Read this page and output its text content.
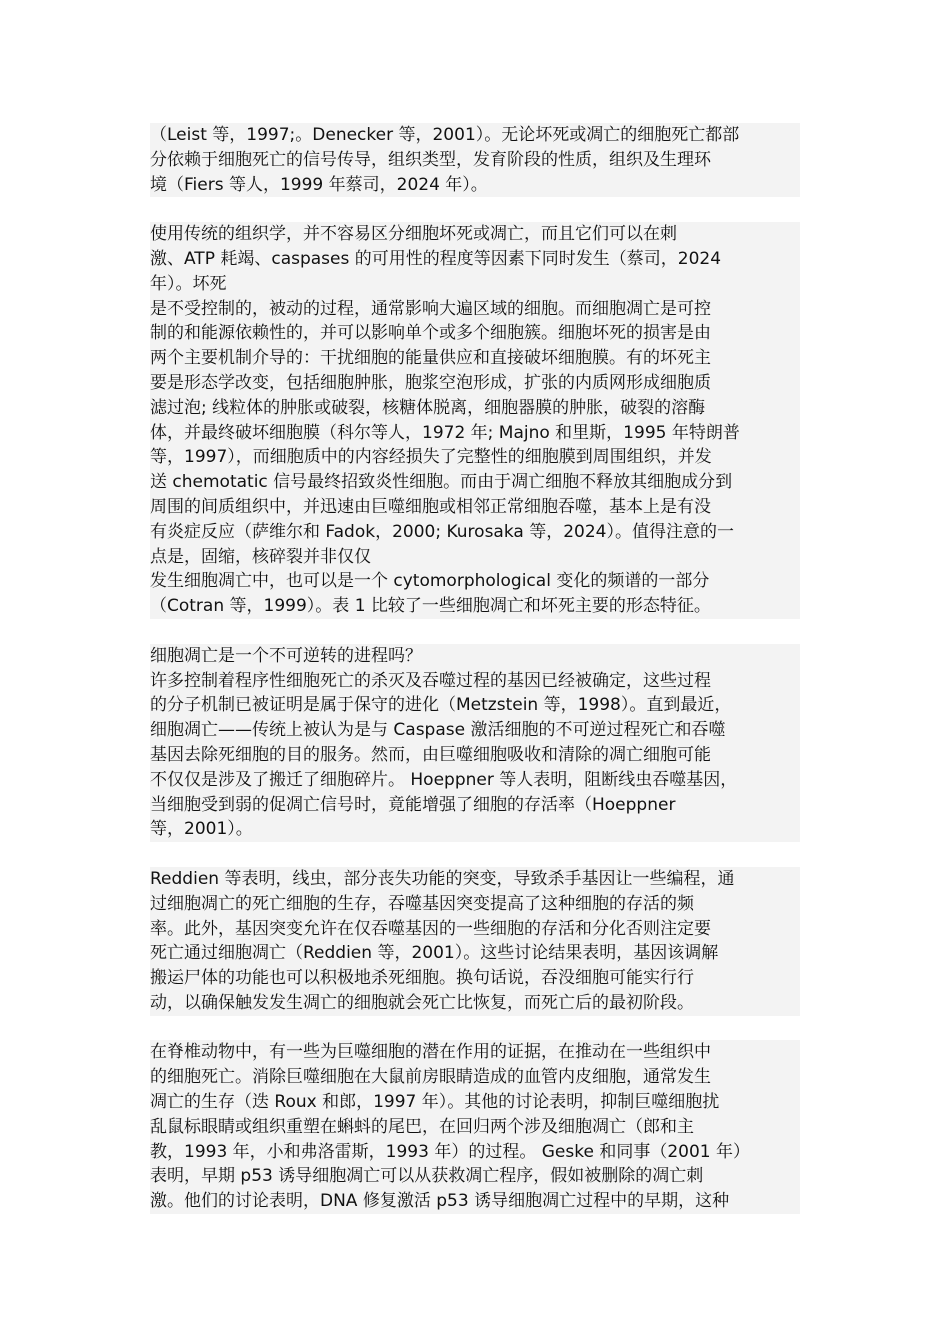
（Leist 等，1997;。Denecker 等，2001）。无论坏死或凋亡的细胞死亡都部
分依赖于细胞死亡的信号传导，组织类型，发育阶段的性质，组织及生理环
境（Fiers 等人，1999 年蔡司，2024 年）。
使用传统的组织学，并不容易区分细胞坏死或凋亡，而且它们可以在刺
激、ATP 耗竭、caspases 的可用性的程度等因素下同时发生（蔡司，2024
年）。坏死
是不受控制的，被动的过程，通常影响大遍区域的细胞。而细胞凋亡是可控
制的和能源依赖性的，并可以影响单个或多个细胞簇。细胞坏死的损害是由
两个主要机制介导的：干扰细胞的能量供应和直接破坏细胞膜。有的坏死主
要是形态学改变，包括细胞肿胀，胞浆空泡形成，扩张的内质网形成细胞质
滤过泡; 线粒体的肿胀或破裂，核糖体脱离，细胞器膜的肿胀，破裂的溶酶
体，并最终破坏细胞膜（科尔等人，1972 年; Majno 和里斯，1995 年特朗普
等，1997），而细胞质中的内容经损失了完整性的细胞膜到周围组织，并发
送 chemotatic 信号最终招致炎性细胞。而由于凋亡细胞不释放其细胞成分到
周围的间质组织中，并迅速由巨噬细胞或相邻正常细胞吞噬，基本上是有没
有炎症反应（萨维尔和 Fadok，2000; Kurosaka 等，2024）。值得注意的一
点是，固缩，核碎裂并非仅仅
发生细胞凋亡中，也可以是一个 cytomorphological 变化的频谱的一部分
（Cotran 等，1999）。表 1 比较了一些细胞凋亡和坏死主要的形态特征。
细胞凋亡是一个不可逆转的进程吗？
许多控制着程序性细胞死亡的杀灭及吞噬过程的基因已经被确定，这些过程
的分子机制已被证明是属于保守的进化（Metzstein 等，1998）。直到最近，
细胞凋亡——传统上被认为是与 Caspase 激活细胞的不可逆过程死亡和吞噬
基因去除死细胞的目的服务。然而，由巨噬细胞吸收和清除的凋亡细胞可能
不仅仅是涉及了搬迁了细胞碎片。 Hoeppner 等人表明，阻断线虫吞噬基因，
当细胞受到弱的促凋亡信号时，竟能增强了细胞的存活率（Hoeppner
等，2001）。
Reddien 等表明，线虫，部分丧失功能的突变，导致杀手基因让一些编程，通
过细胞凋亡的死亡细胞的生存，吞噬基因突变提高了这种细胞的存活的频
率。此外，基因突变允许在仅吞噬基因的一些细胞的存活和分化否则注定要
死亡通过细胞凋亡（Reddien 等，2001）。这些讨论结果表明，基因该调解
搬运尸体的功能也可以积极地杀死细胞。换句话说，吞没细胞可能实行行
动，以确保触发发生凋亡的细胞就会死亡比恢复，而死亡后的最初阶段。
在脊椎动物中，有一些为巨噬细胞的潜在作用的证据，在推动在一些组织中
的细胞死亡。消除巨噬细胞在大鼠前房眼睛造成的血管内皮细胞，通常发生
凋亡的生存（迭 Roux 和郎，1997 年）。其他的讨论表明，抑制巨噬细胞扰
乱鼠标眼睛或组织重塑在蝌蚪的尾巴，在回归两个涉及细胞凋亡（郎和主
教，1993 年，小和弗洛雷斯，1993 年）的过程。 Geske 和同事（2001 年）
表明，早期 p53 诱导细胞凋亡可以从获救凋亡程序，假如被删除的凋亡刺
激。他们的讨论表明，DNA 修复激活 p53 诱导细胞凋亡过程中的早期，这种
